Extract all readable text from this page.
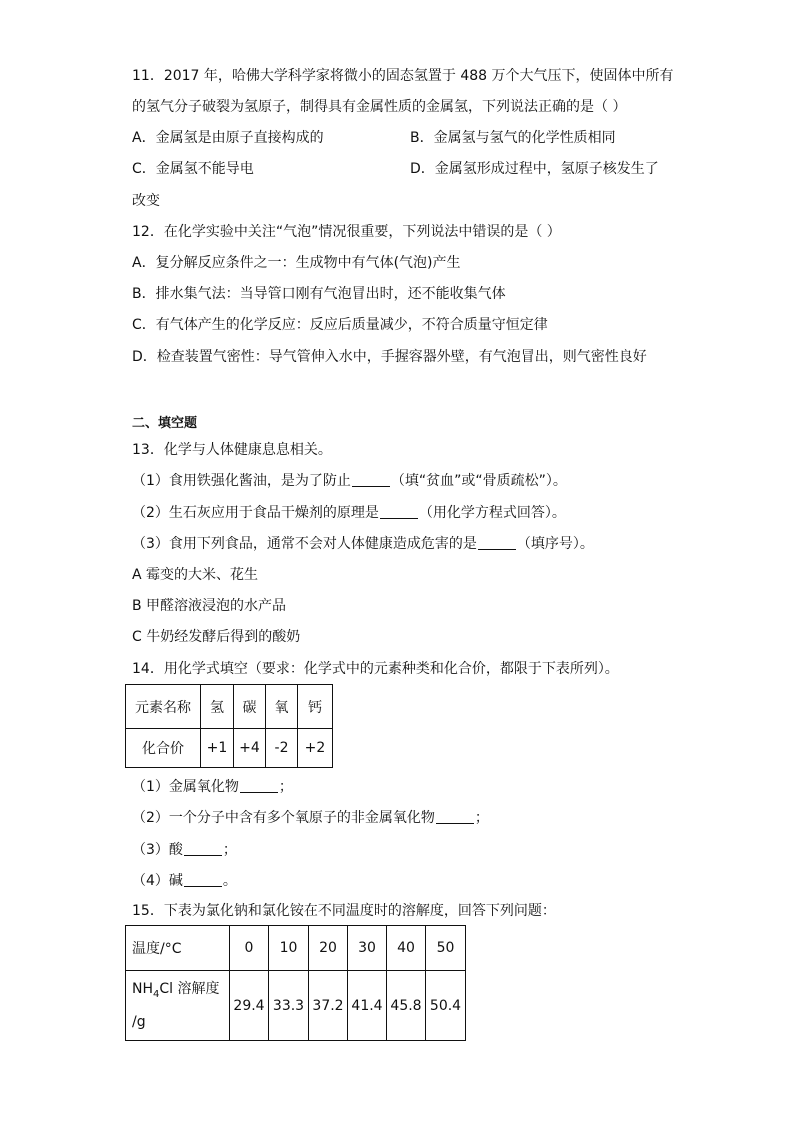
11．2017 年，哈佛大学科学家将微小的固态氢置于 488 万个大气压下，使固体中所有
的氢气分子破裂为氢原子，制得具有金属性质的金属氢，下列说法正确的是（ ）
A．金属氢是由原子直接构成的	B．金属氢与氢气的化学性质相同
C．金属氢不能导电	D．金属氢形成过程中，氢原子核发生了
改变
12．在化学实验中关注“气泡”情况很重要，下列说法中错误的是（ ）
A．复分解反应条件之一：生成物中有气体(气泡)产生
B．排水集气法：当导管口刚有气泡冒出时，还不能收集气体
C．有气体产生的化学反应：反应后质量减少，不符合质量守恒定律
D．检查装置气密性：导气管伸入水中，手握容器外壁，有气泡冒出，则气密性良好
二、填空题
13．化学与人体健康息息相关。
（1）食用铁强化酱油，是为了防止	（填“贫血”或“骨质疏松”）。
（2）生石灰应用于食品干燥剂的原理是	（用化学方程式回答）。
（3）食用下列食品，通常不会对人体健康造成危害的是	（填序号）。
A 霉变的大米、花生
B 甲醛溶液浸泡的水产品
C 牛奶经发酵后得到的酸奶
14．用化学式填空（要求：化学式中的元素种类和化合价，都限于下表所列）。
元素名称	氢	碳	氧	钙
化合价	+1	+4	-2	+2
（1）金属氧化物	；
（2）一个分子中含有多个氧原子的非金属氧化物	；
（3）酸	；
（4）碱	。
15．下表为氯化钠和氯化铵在不同温度时的溶解度，回答下列问题：
温度/°C	0	10	20	30	40	50
$NH_4Cl$ 溶解度
/g	29.4	33.3	37.2	41.4	45.8	50.4
